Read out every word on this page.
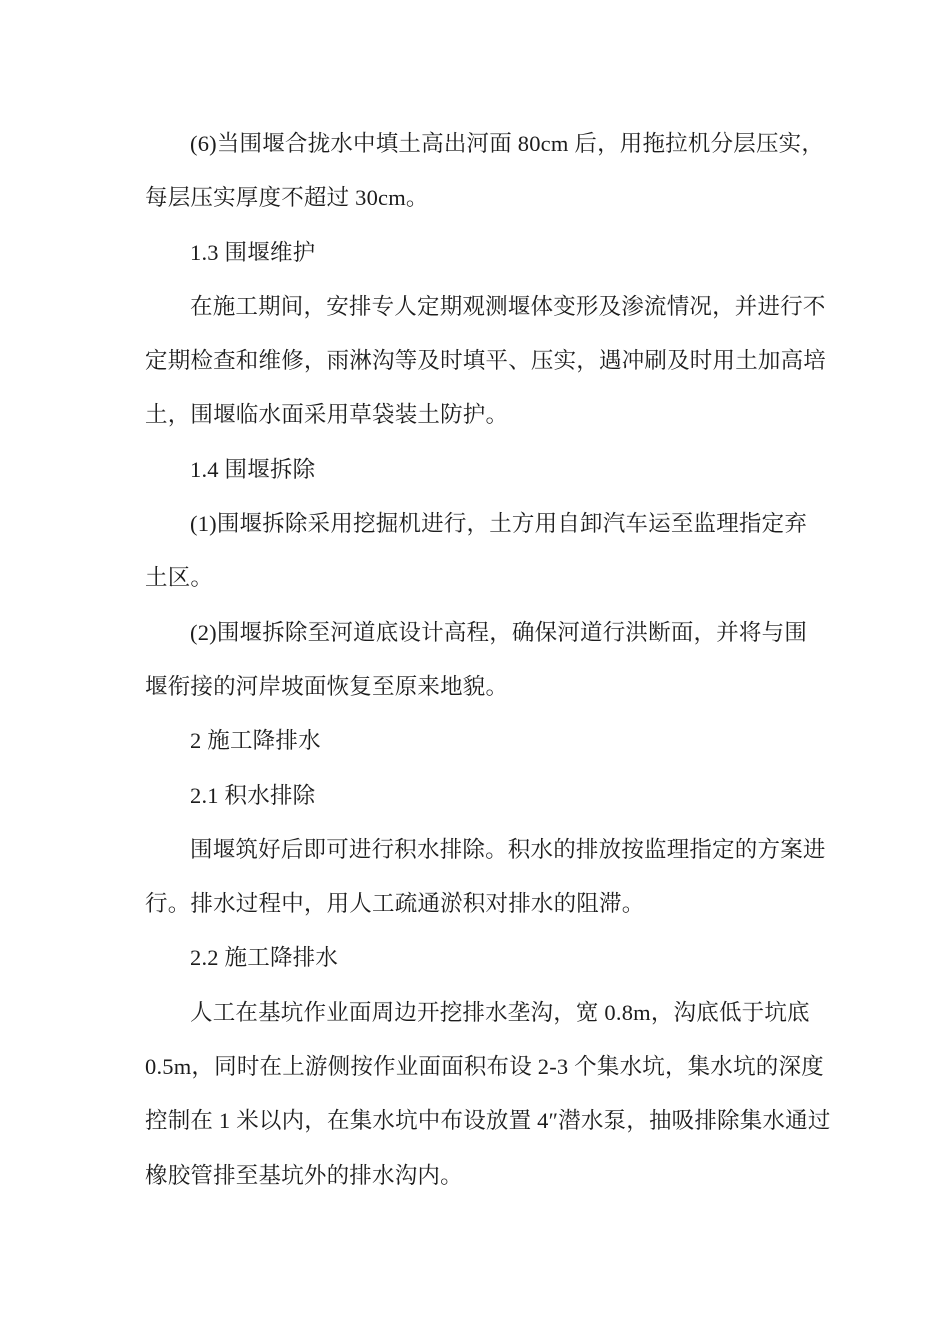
(6)当围堰合拢水中填土高出河面 80cm 后，用拖拉机分层压实，
每层压实厚度不超过 30cm。
1.3 围堰维护
在施工期间，安排专人定期观测堰体变形及渗流情况，并进行不
定期检查和维修，雨淋沟等及时填平、压实，遇冲刷及时用土加高培
土，围堰临水面采用草袋装土防护。
1.4 围堰拆除
(1)围堰拆除采用挖掘机进行，土方用自卸汽车运至监理指定弃
土区。
(2)围堰拆除至河道底设计高程，确保河道行洪断面，并将与围
堰衔接的河岸坡面恢复至原来地貌。
2 施工降排水
2.1 积水排除
围堰筑好后即可进行积水排除。积水的排放按监理指定的方案进
行。排水过程中，用人工疏通淤积对排水的阻滞。
2.2 施工降排水
人工在基坑作业面周边开挖排水垄沟，宽 0.8m，沟底低于坑底
0.5m，同时在上游侧按作业面面积布设 2-3 个集水坑，集水坑的深度
控制在 1 米以内，在集水坑中布设放置 4″潜水泵，抽吸排除集水通过
橡胶管排至基坑外的排水沟内。
